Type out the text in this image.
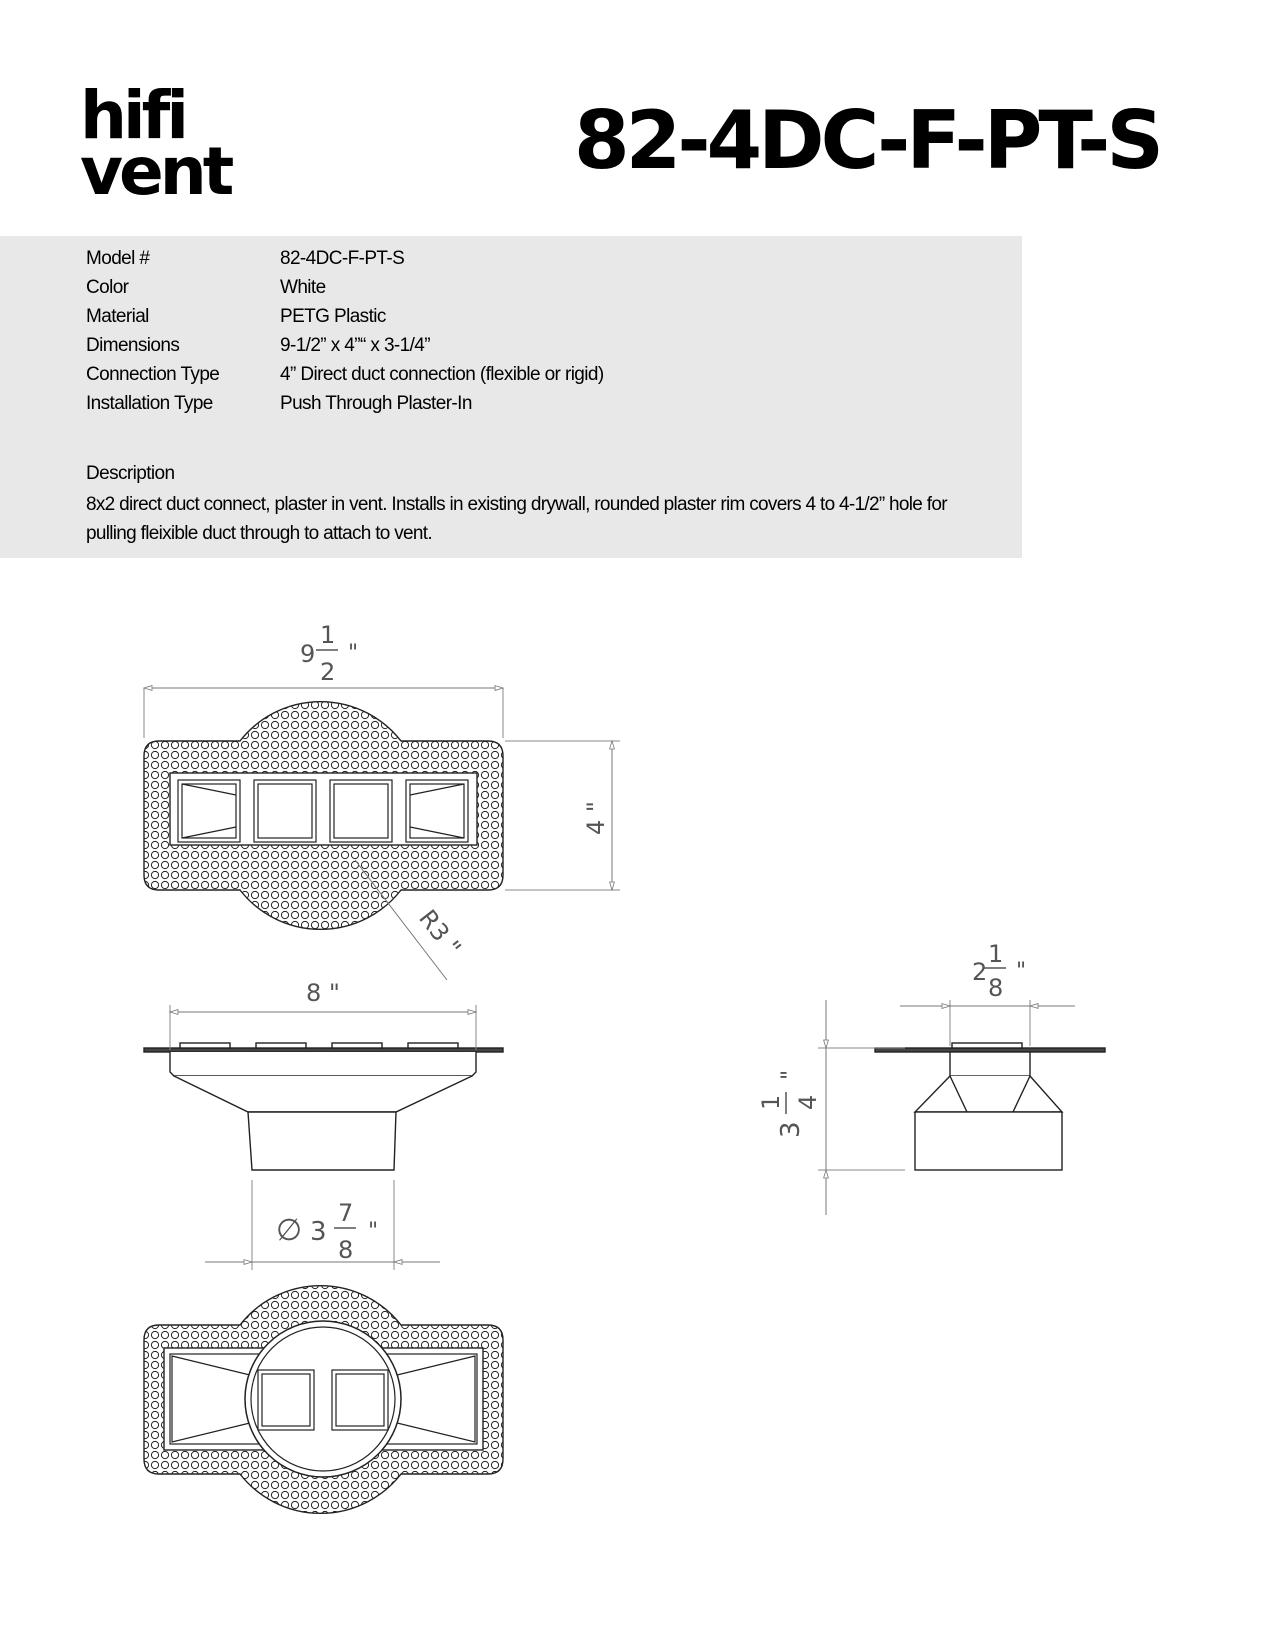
hifi
vent	82-4DC-F-PT-S
Model #	82-4DC-F-PT-S
Color	White
Material	PETG Plastic
Dimensions	9-1/2” x 4”“ x 3-1/4”
Connection Type	4” Direct duct connection (flexible or rigid)
Installation Type	Push Through Plaster-In
Description
8x2 direct duct connect, plaster in vent. Installs in existing drywall, rounded plaster rim covers 4 to 4-1/2” hole for pulling fleixible duct through to attach to vent.
9
1
2
"
4 "
R3 "
8 "
∅ 3
7
8
"
2
1
8
"
3
1 4
"
